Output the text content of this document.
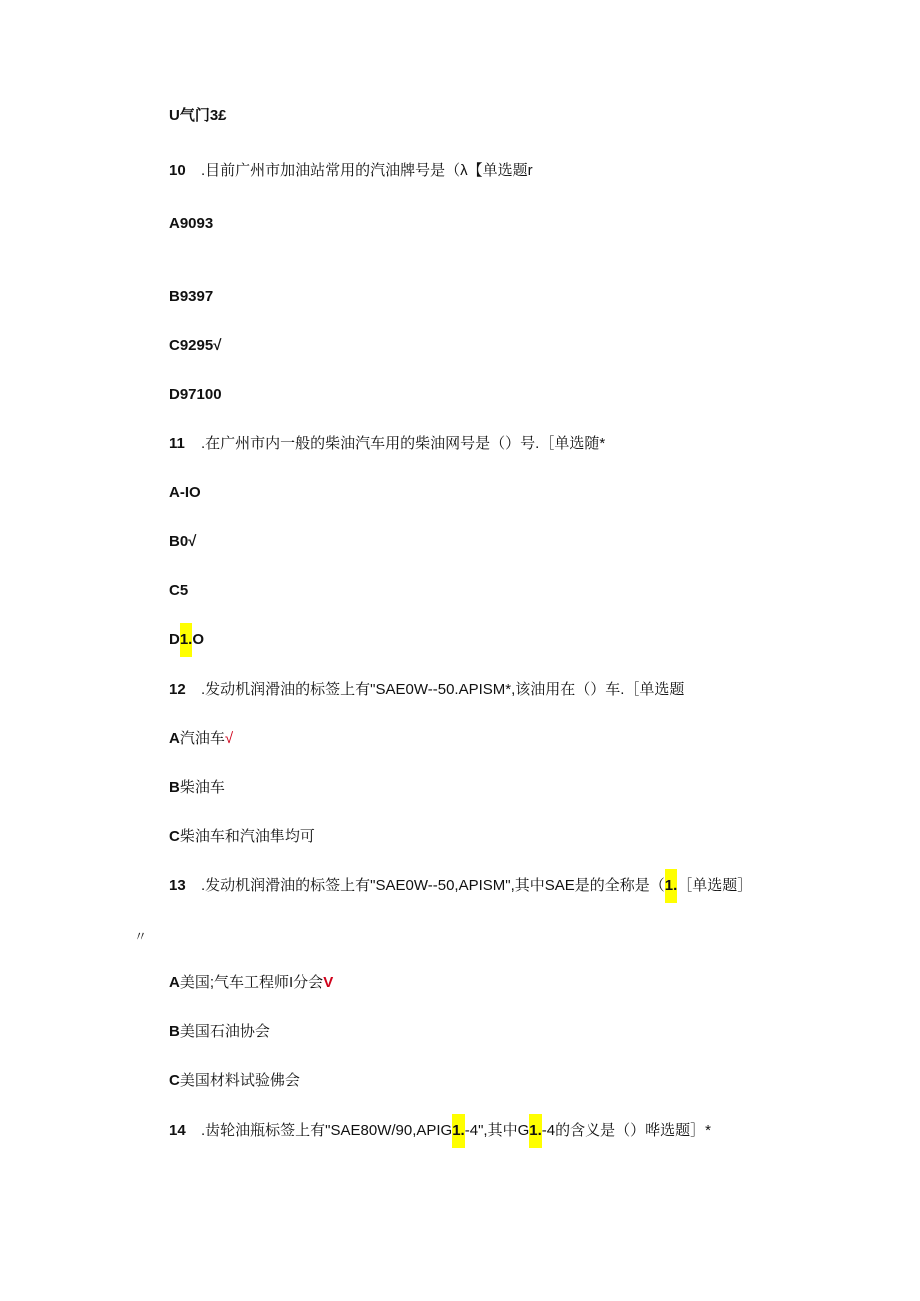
U气门3£
10 .目前广州市加油站常用的汽油牌号是（λ【单选题r
A9093
B9397
C9295√
D97100
11 .在广州市内一般的柴油汽车用的柴油网号是（）号.［单选随*
A-IO
B0√
C5
D1.O
12 .发动机润滑油的标签上有"SAE0W--50.APISM*,该油用在（）车.［单选题
A汽油车√
B柴油车
C柴油车和汽油隼均可
13 .发动机润滑油的标签上有"SAE0W--50,APISM",其中SAE是的全称是（1.［单选题］
〃
A美国;气车工程师I分会V
B美国石油协会
C美国材料试验佛会
14 .齿轮油瓶标签上有"SAE80W/90,APIG1.-4",其中G1.-4的含义是（）哗选题］*
